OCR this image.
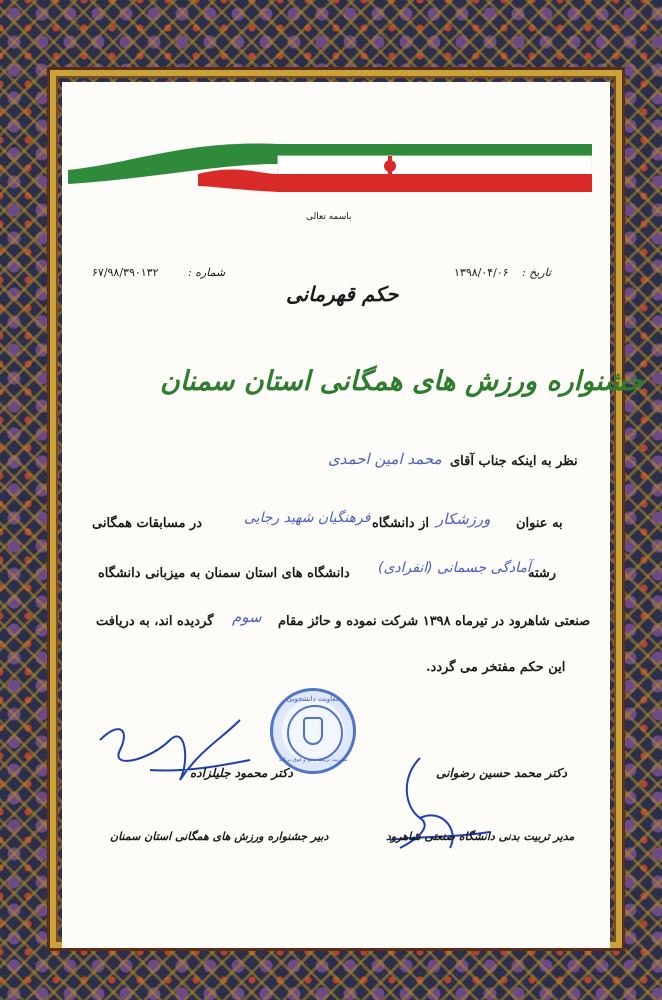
باسمه تعالی
تاریخ :
۱۳۹۸/۰۴/۰۶
شماره :
۶۷/۹۸/۳۹۰۱۳۲
حکم قهرمانی
جشنواره ورزش های همگانی استان سمنان
نظر به اینکه جناب آقای
محمد امین احمدی
به عنوان
ورزشکار
از دانشگاه
فرهنگیان شهید رجایی
در مسابقات همگانی
رشته
آمادگی جسمانی (انفرادی)
دانشگاه های استان سمنان به میزبانی دانشگاه
صنعتی شاهرود در تیرماه ۱۳۹۸ شرکت نموده و حائز مقام
سوم
گردیده اند، به دریافت
این حکم مفتخر می گردد.
معاونت دانشجویی
مدیریت تربیت بدنی و فوق برنامه
دکتر محمود جلیلزاده	دکتر محمد حسین رضوانی
دبیر جشنواره ورزش های همگانی استان سمنان	مدیر تربیت بدنی دانشگاه صنعتی شاهرود
